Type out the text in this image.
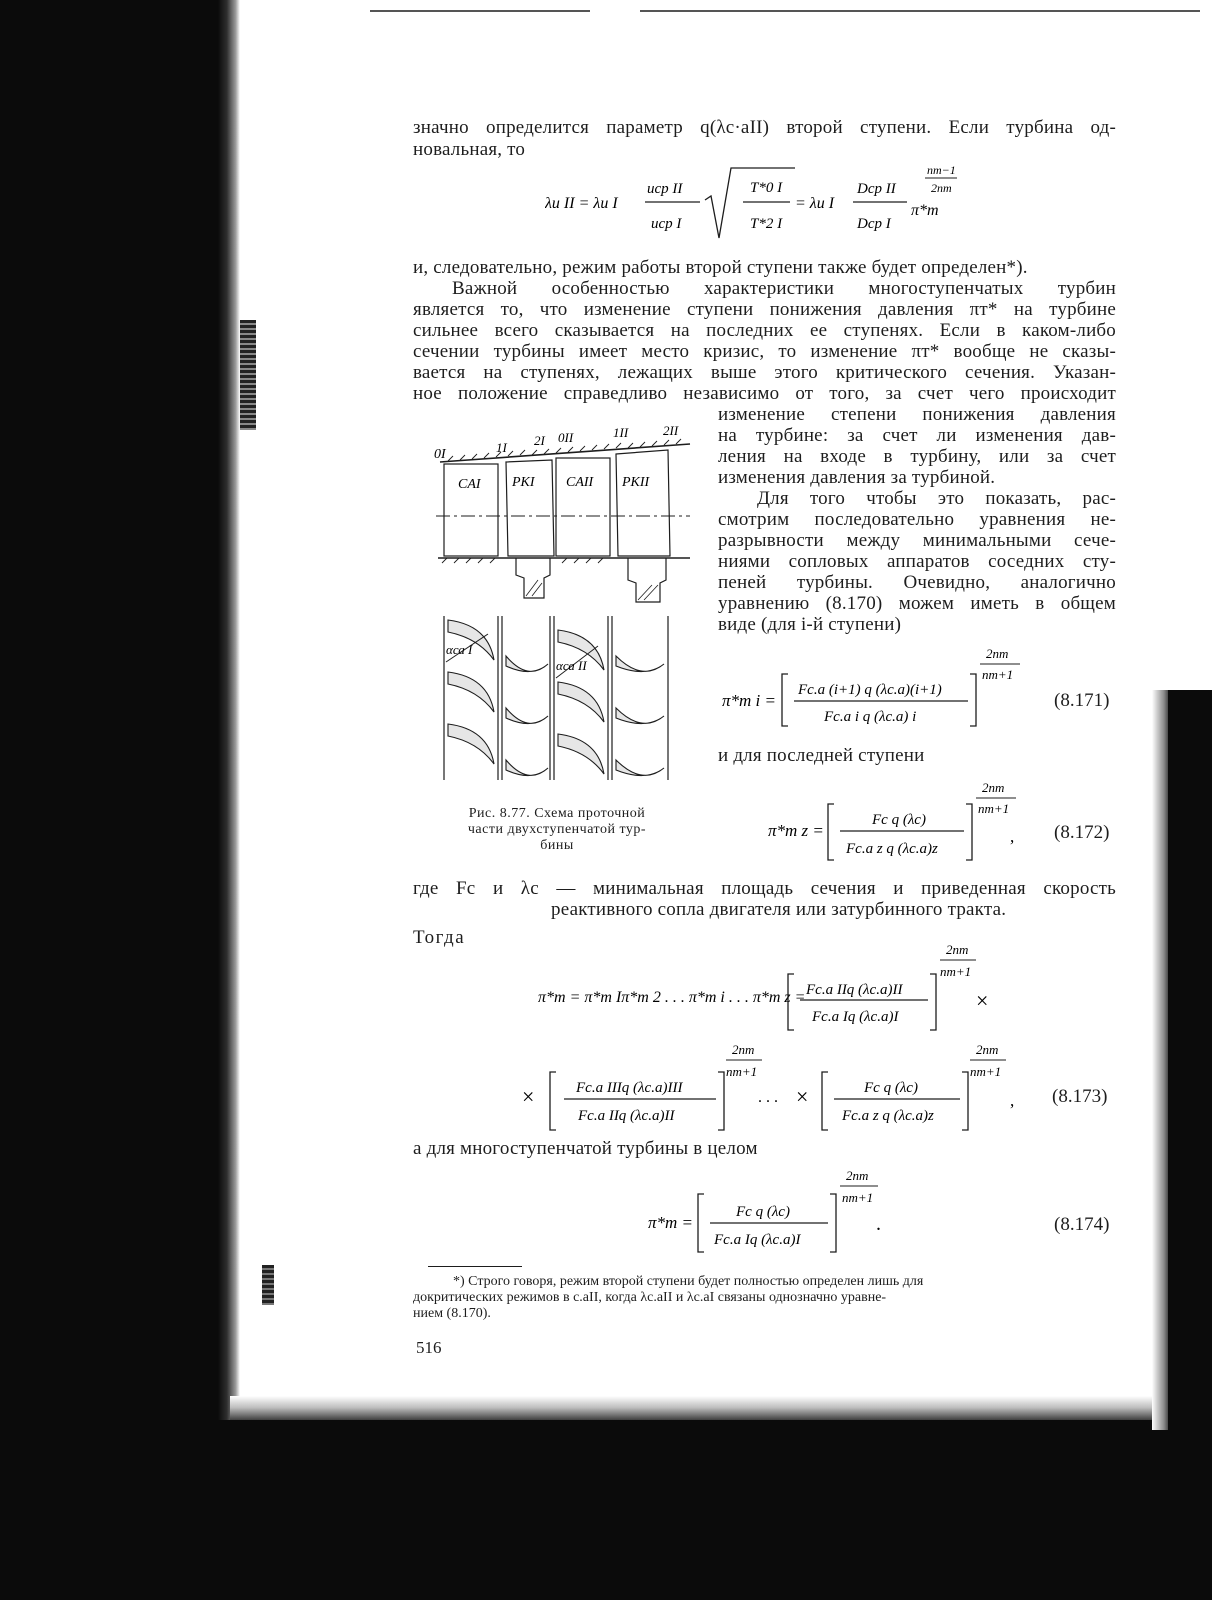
значно определится параметр q(λc·aII) второй ступени. Если турбина од-
новальная, то
λu II = λu I
uср II
uср I
T*0 I
T*2 I
= λu I
Dср II
Dср I
π*т
nт−1
2nт
и, следовательно, режим работы второй ступени также будет определен*).
Важной особенностью характеристики многоступенчатых турбин
является то, что изменение ступени понижения давления πт* на турбине
сильнее всего сказывается на последних ее ступенях. Если в каком-либо
сечении турбины имеет место кризис, то изменение πт* вообще не сказы-
вается на ступенях, лежащих выше этого критического сечения. Указан-
ное положение справедливо независимо от того, за счет чего происходит
изменение степени понижения давления
на турбине: за счет ли изменения дав-
ления на входе в турбину, или за счет
изменения давления за турбиной.
Для того чтобы это показать, рас-
смотрим последовательно уравнения не-
разрывности между минимальными сече-
ниями сопловых аппаратов соседних сту-
пеней турбины. Очевидно, аналогично
уравнению (8.170) можем иметь в общем
виде (для i-й ступени)
0I	1I 2I 0II	1II	2II
CAI PKI CAII PKII
αса I
αса II
Рис. 8.77. Схема проточной
части двухступенчатой тур-
бины
π*т i =
Fс.а (i+1) q (λс.а)(i+1)
Fс.а i q (λс.а) i
2nт
nт+1
(8.171)
и для последней ступени
π*т z =
Fс q (λс)
Fс.а z q (λс.а)z
2nт
nт+1
, (8.172)
где Fс и λс — минимальная площадь сечения и приведенная скорость
реактивного сопла двигателя или затурбинного тракта.
Тогда
π*т = π*т Iπ*т 2 . . . π*т i . . . π*т z = Fс.а IIq (λс.а)II
Fс.а Iq (λс.а)I
2nт
nт+1
×
×	Fс.а IIIq (λс.а)III
Fс.а IIq (λс.а)II
2nт
nт+1
. . . ×	Fс q (λс)
Fс.а z q (λс.а)z
2nт
nт+1
, (8.173)
а для многоступенчатой турбины в целом
π*т =
Fс q (λс)
Fс.а Iq (λс.а)I
2nт
nт+1
.	(8.174)
*) Строго говоря, режим второй ступени будет полностью определен лишь для
докритических режимов в с.аII, когда λс.аII и λс.аI связаны однозначно уравне-
нием (8.170).
516
